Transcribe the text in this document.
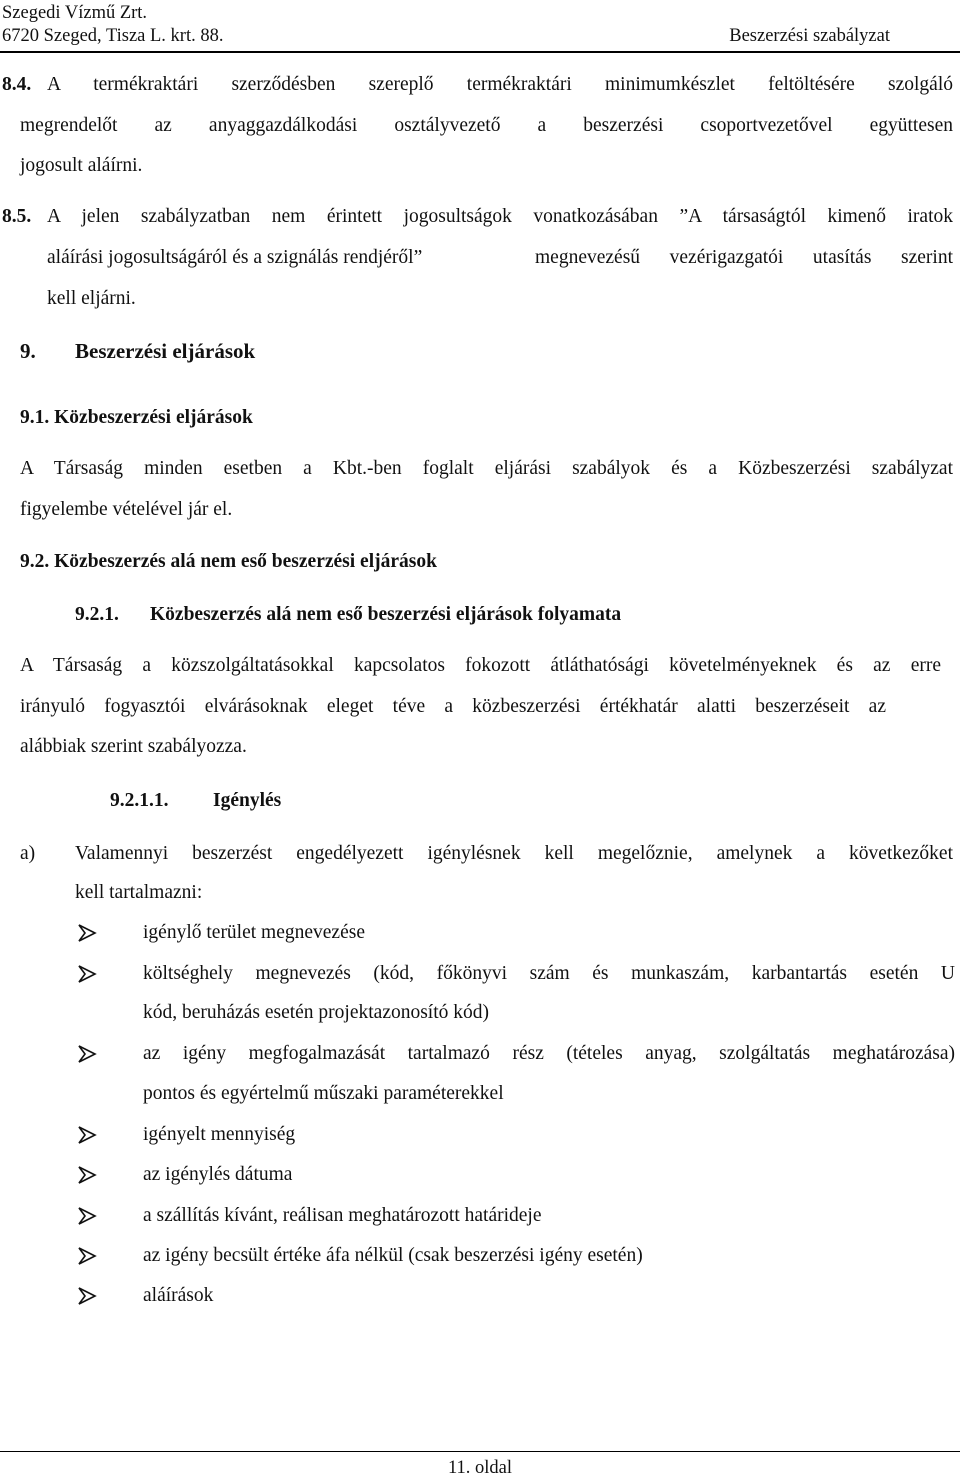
Szegedi Vízmű Zrt.
6720 Szeged, Tisza L. krt. 88.	Beszerzési szabályzat
8.4. A termékraktári szerződésben szereplő termékraktári minimumkészlet feltöltésére szolgáló
megrendelőt az anyaggazdálkodási osztályvezető a beszerzési csoportvezetővel együttesen
jogosult aláírni.
8.5. A jelen szabályzatban nem érintett jogosultságok vonatkozásában ”A társaságtól kimenő iratok
aláírási jogosultságáról és a szignálás rendjéről”	megnevezésű vezérigazgatói utasítás szerint
kell eljárni.
9. Beszerzési eljárások
9.1. Közbeszerzési eljárások
A Társaság minden esetben a Kbt.-ben foglalt eljárási szabályok és a Közbeszerzési szabályzat
figyelembe vételével jár el.
9.2. Közbeszerzés alá nem eső beszerzési eljárások
9.2.1. Közbeszerzés alá nem eső beszerzési eljárások folyamata
A Társaság a közszolgáltatásokkal kapcsolatos fokozott átláthatósági követelményeknek és az erre
irányuló fogyasztói elvárásoknak eleget téve a közbeszerzési értékhatár alatti beszerzéseit az
alábbiak szerint szabályozza.
9.2.1.1. Igénylés
a) Valamennyi beszerzést engedélyezett igénylésnek kell megelőznie, amelynek a következőket
kell tartalmazni:
igénylő terület megnevezése
költséghely megnevezés (kód, főkönyvi szám és munkaszám, karbantartás esetén U
kód, beruházás esetén projektazonosító kód)
az igény megfogalmazását tartalmazó rész (tételes anyag, szolgáltatás meghatározása)
pontos és egyértelmű műszaki paraméterekkel
igényelt mennyiség
az igénylés dátuma
a szállítás kívánt, reálisan meghatározott határideje
az igény becsült értéke áfa nélkül (csak beszerzési igény esetén)
aláírások
11. oldal
